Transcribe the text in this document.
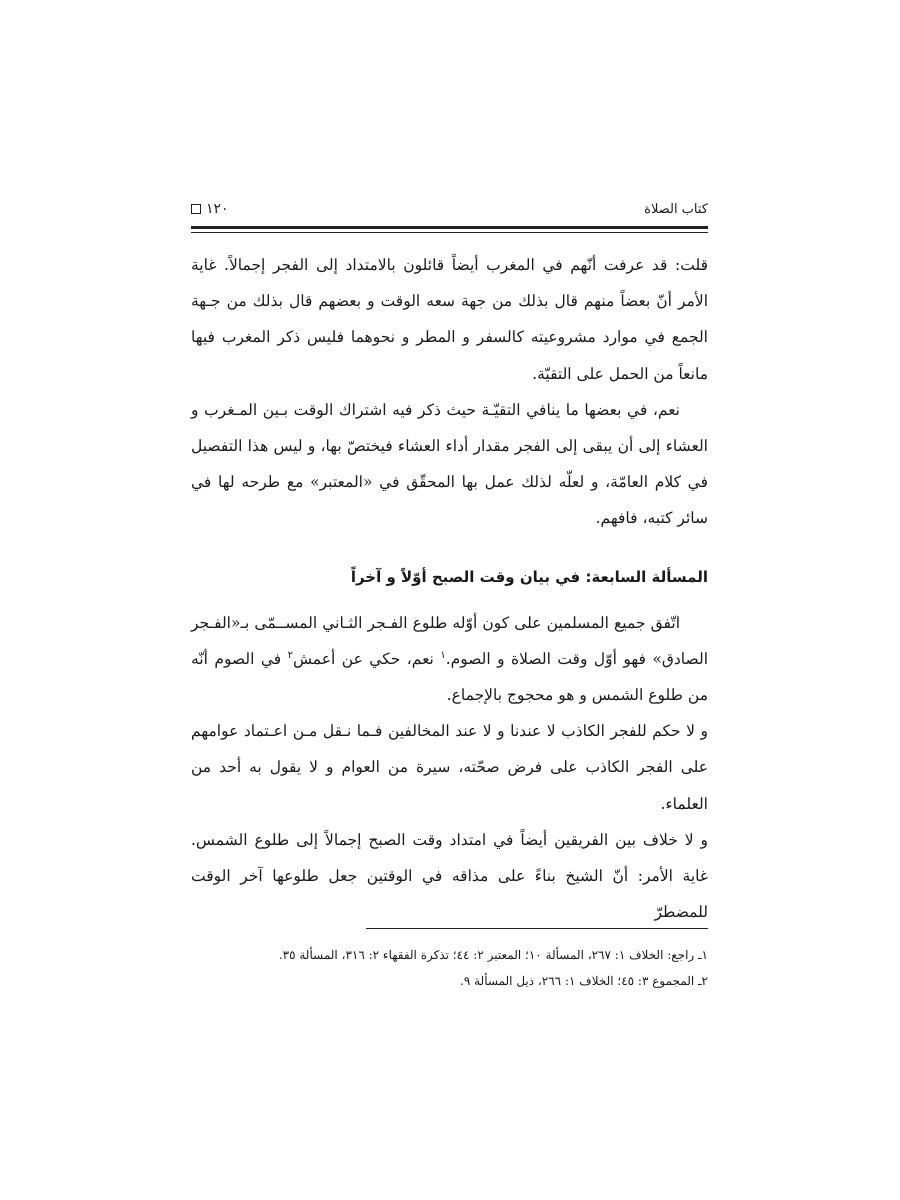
كتاب الصلاة
١٢٠

قلت: قد عرفت أنّهم في المغرب أيضاً قائلون بالامتداد إلى الفجر إجمالاً. غاية الأمر أنّ بعضاً منهم قال بذلك من جهة سعه الوقت و بعضهم قال بذلك من جـهة الجمع في موارد مشروعيته كالسفر و المطر و نحوهما فليس ذكر المغرب فيها مانعاً من الحمل على التقيّة.

نعم، في بعضها ما ينافي التقيّـة حيث ذكر فيه اشتراك الوقت بـين المـغرب و العشاء إلى أن يبقى إلى الفجر مقدار أداء العشاء فيختصّ بها، و ليس هذا التفصيل في كلام العامّة، و لعلّه لذلك عمل بها المحقّق في «المعتبر» مع طرحه لها في سائر كتبه، فافهم.

المسألة السابعة: في بيان وقت الصبح أوّلاً و آخراً

اتّفق جميع المسلمين على كون أوّله طلوع الفـجر الثـاني المســمّى بـ«الفـجر الصادق» فهو أوّل وقت الصلاة و الصوم.$^١$ نعم، حكي عن أعمش$^٢$ في الصوم أنّه من طلوع الشمس و هو محجوج بالإجماع.

و لا حكم للفجر الكاذب لا عندنا و لا عند المخالفين فـما نـقل مـن اعـتماد عوامهم على الفجر الكاذب على فرض صحّته، سيرة من العوام و لا يقول به أحد من العلماء.

و لا خلاف بين الفريقين أيضاً في امتداد وقت الصبح إجمالاً إلى طلوع الشمس. غاية الأمر: أنّ الشيخ بناءً على مذاقه في الوقتين جعل طلوعها آخر الوقت للمضطرّ

١ـ راجع: الخلاف ١: ٢٦٧، المسألة ١٠؛ المعتبر ٢: ٤٤؛ تذكرة الفقهاء ٢: ٣١٦، المسألة ٣٥.

٢ـ المجموع ٣: ٤٥؛ الخلاف ١: ٢٦٦، ذيل المسألة ٩.
